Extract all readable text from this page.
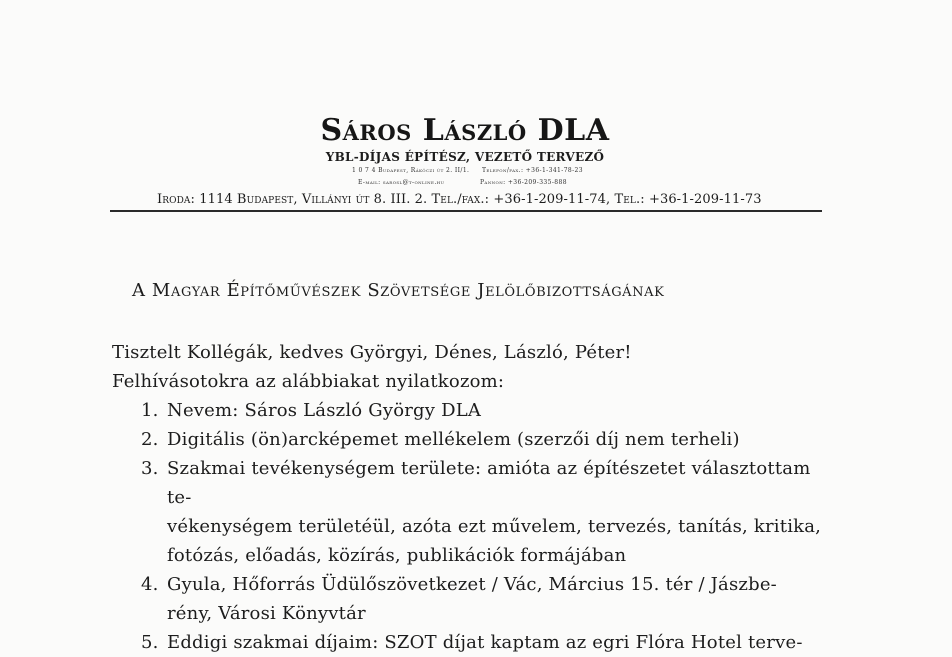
Sáros László DLA
YBL-DÍJAS ÉPÍTÉSZ, VEZETŐ TERVEZŐ
1 0 7 4 Budapest, Rákóczi út 2. II/1. Telefon/fax.: +36-1-341-78-23
E-mail: sarosl@t-online.hu	Pannon: +36-209-335-888
Iroda: 1114 Budapest, Villányi út 8. III. 2. Tel./fax.: +36-1-209-11-74, Tel.: +36-1-209-11-73
A Magyar Építőművészek Szövetsége Jelölőbizottságának

Tisztelt Kollégák, kedves Györgyi, Dénes, László, Péter!

Felhívásotokra az alábbiakat nyilatkozom:

1. Nevem: Sáros László György DLA
2. Digitális (ön)arcképemet mellékelem (szerzői díj nem terheli)
3. Szakmai tevékenységem területe: amióta az építészetet választottam te-
vékenységem területéül, azóta ezt művelem, tervezés, tanítás, kritika,
fotózás, előadás, közírás, publikációk formájában
4. Gyula, Hőforrás Üdülőszövetkezet / Vác, Március 15. tér / Jászbe-
rény, Városi Könyvtár
5. Eddigi szakmai díjaim: SZOT díjat kaptam az egri Flóra Hotel terve-
